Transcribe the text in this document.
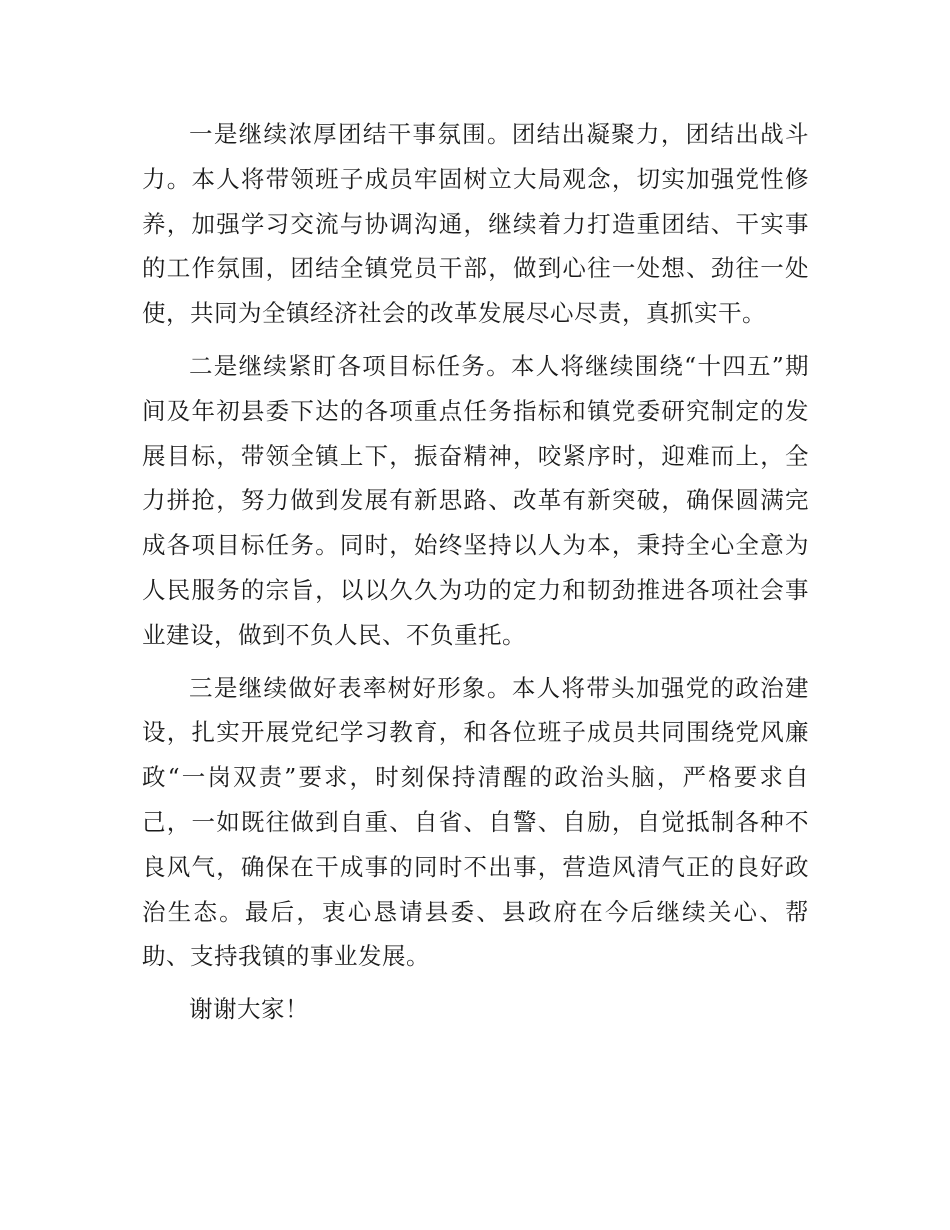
一是继续浓厚团结干事氛围。团结出凝聚力，团结出战斗力。本人将带领班子成员牢固树立大局观念，切实加强党性修养，加强学习交流与协调沟通，继续着力打造重团结、干实事的工作氛围，团结全镇党员干部，做到心往一处想、劲往一处使，共同为全镇经济社会的改革发展尽心尽责，真抓实干。

二是继续紧盯各项目标任务。本人将继续围绕“十四五”期间及年初县委下达的各项重点任务指标和镇党委研究制定的发展目标，带领全镇上下，振奋精神，咬紧序时，迎难而上，全力拼抢，努力做到发展有新思路、改革有新突破，确保圆满完成各项目标任务。同时，始终坚持以人为本，秉持全心全意为人民服务的宗旨，以以久久为功的定力和韧劲推进各项社会事业建设，做到不负人民、不负重托。

三是继续做好表率树好形象。本人将带头加强党的政治建设，扎实开展党纪学习教育，和各位班子成员共同围绕党风廉政“一岗双责”要求，时刻保持清醒的政治头脑，严格要求自己，一如既往做到自重、自省、自警、自励，自觉抵制各种不良风气，确保在干成事的同时不出事，营造风清气正的良好政治生态。最后，衷心恳请县委、县政府在今后继续关心、帮助、支持我镇的事业发展。

谢谢大家！
